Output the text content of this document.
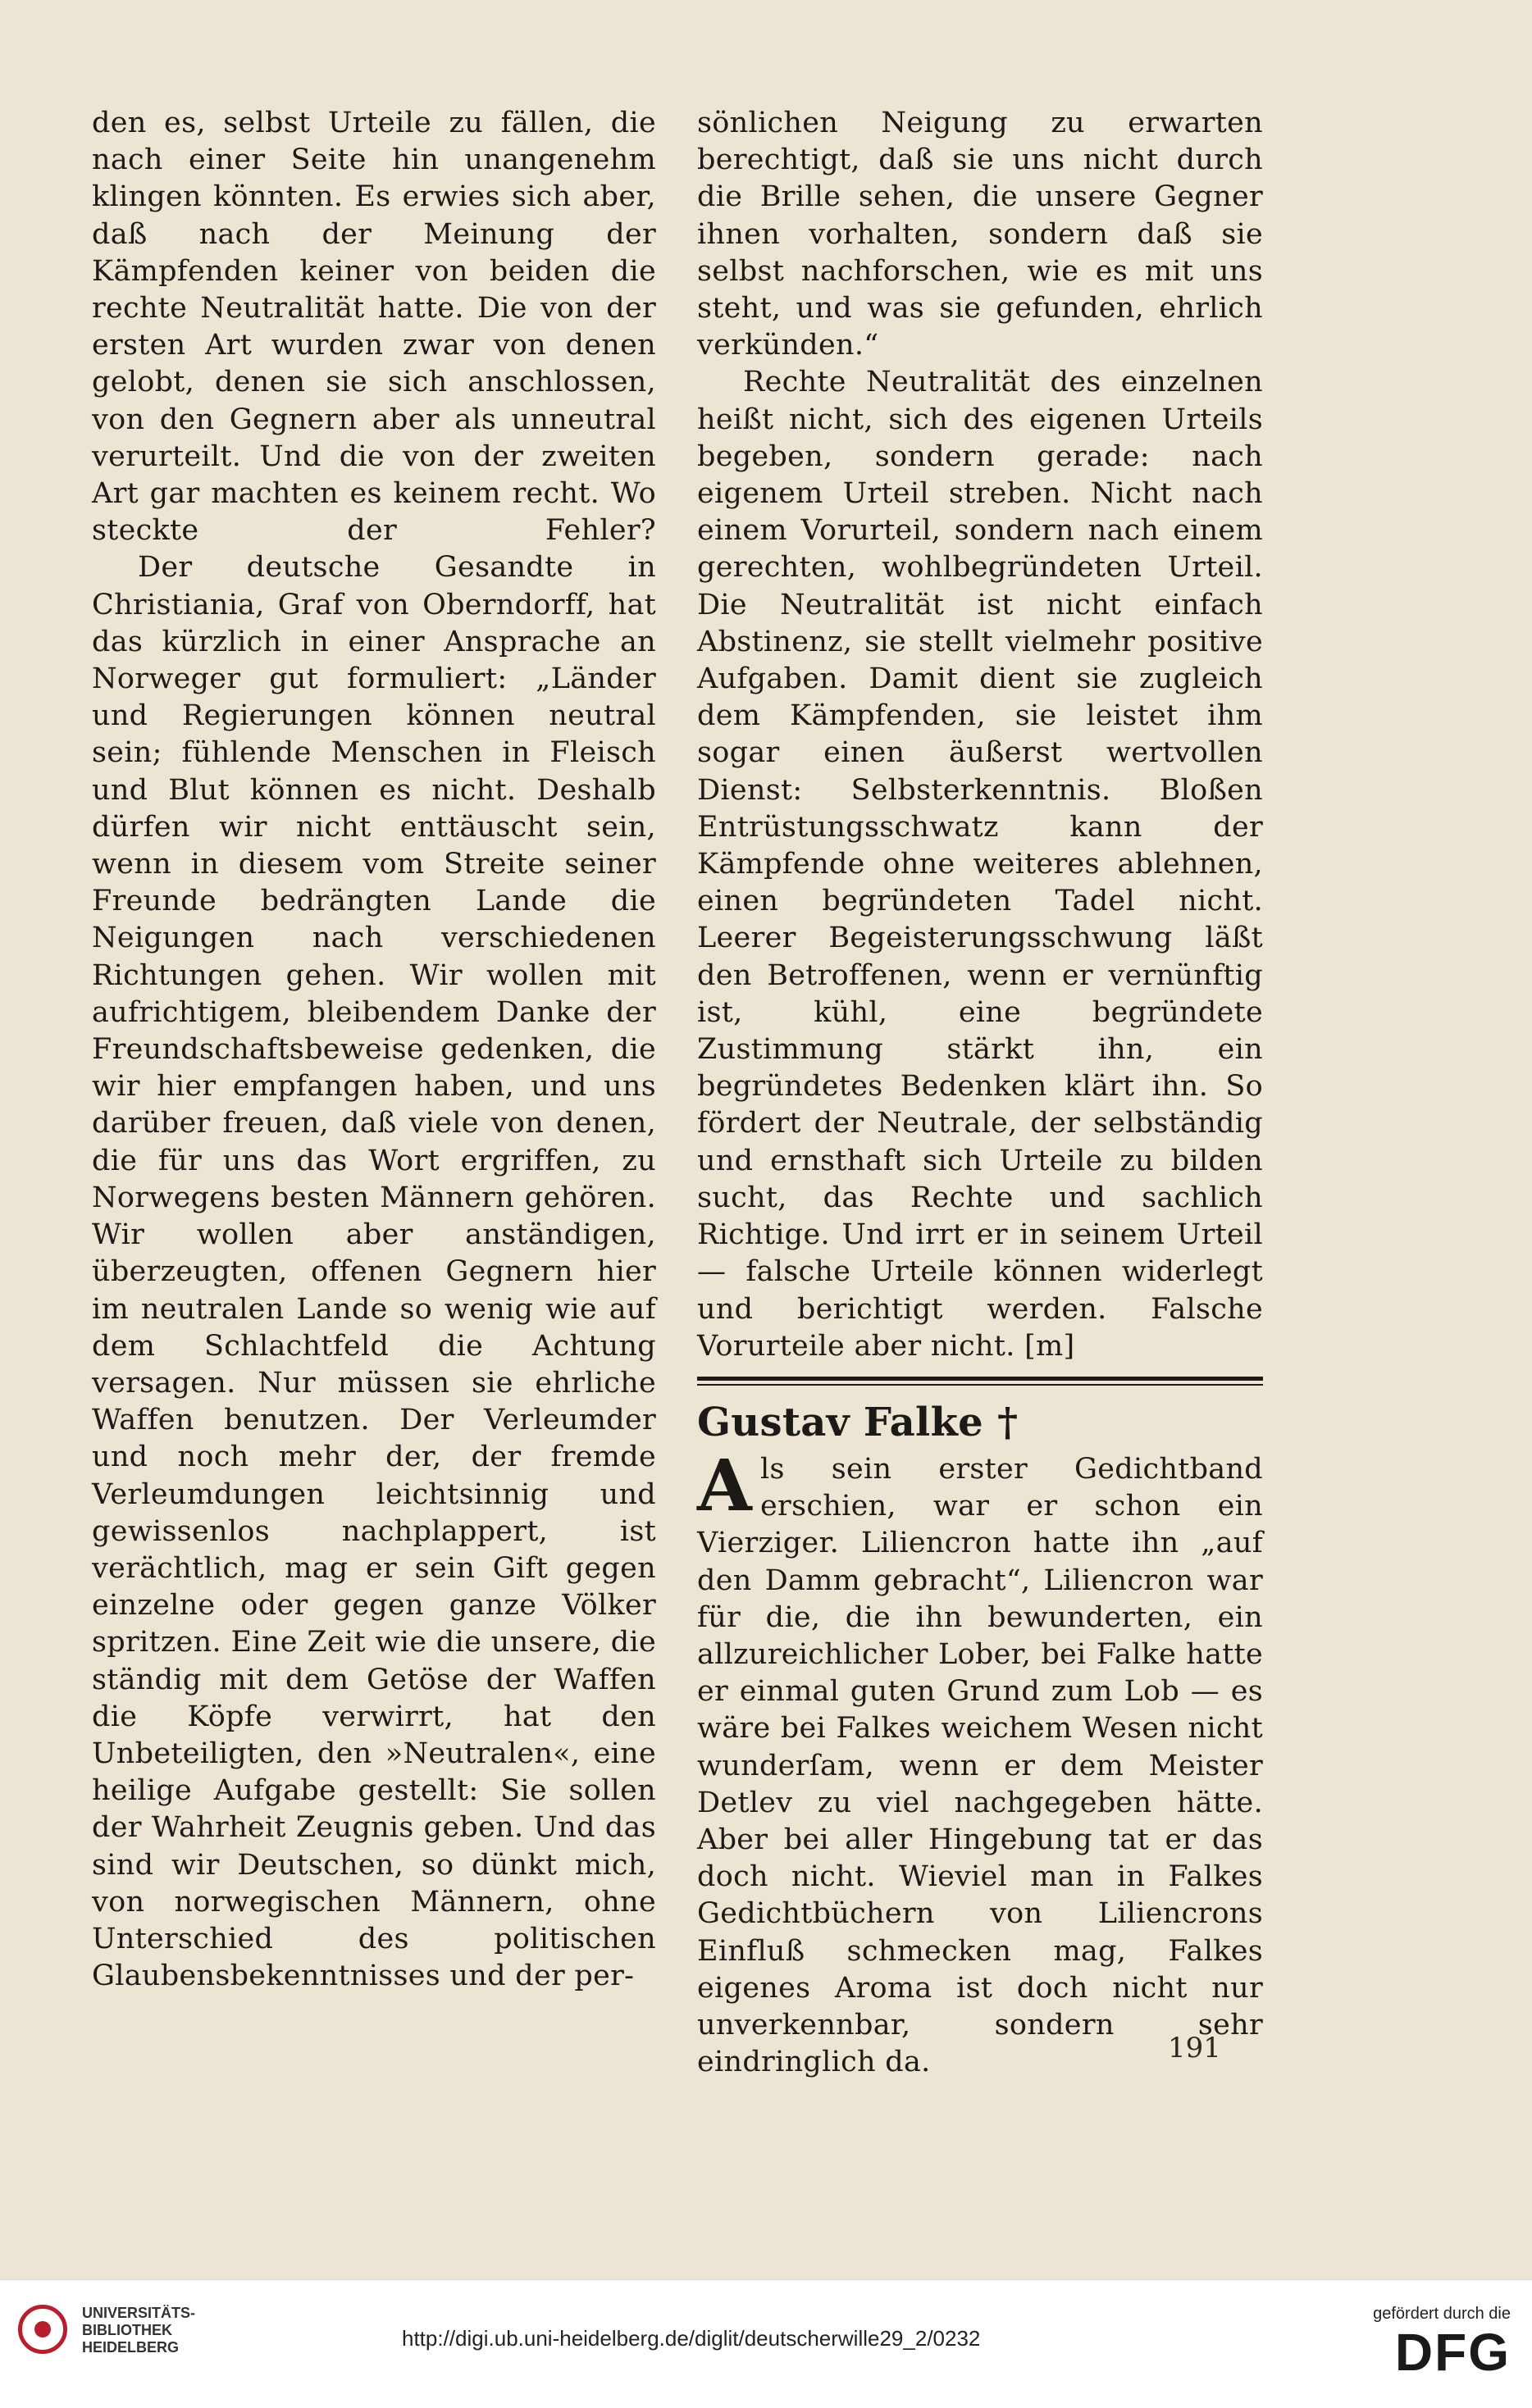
den es, selbst Urteile zu fällen, die nach einer Seite hin unangenehm klingen könnten. Es erwies sich aber, daß nach der Meinung der Kämpfenden keiner von beiden die rechte Neutralität hatte. Die von der ersten Art wurden zwar von denen gelobt, denen sie sich anschlossen, von den Gegnern aber als unneutral verurteilt. Und die von der zweiten Art gar machten es keinem recht. Wo steckte der Fehler?

Der deutsche Gesandte in Christiania, Graf von Oberndorff, hat das kürzlich in einer Ansprache an Norweger gut formuliert: „Länder und Regierungen können neutral sein; fühlende Menschen in Fleisch und Blut können es nicht. Deshalb dürfen wir nicht enttäuscht sein, wenn in diesem vom Streite seiner Freunde bedrängten Lande die Neigungen nach verschiedenen Richtungen gehen. Wir wollen mit aufrichtigem, bleibendem Danke der Freundschaftsbeweise gedenken, die wir hier empfangen haben, und uns darüber freuen, daß viele von denen, die für uns das Wort ergriffen, zu Norwegens besten Männern gehören. Wir wollen aber anständigen, überzeugten, offenen Gegnern hier im neutralen Lande so wenig wie auf dem Schlachtfeld die Achtung versagen. Nur müssen sie ehrliche Waffen benutzen. Der Verleumder und noch mehr der, der fremde Verleumdungen leichtsinnig und gewissenlos nachplappert, ist verächtlich, mag er sein Gift gegen einzelne oder gegen ganze Völker spritzen. Eine Zeit wie die unsere, die ständig mit dem Getöse der Waffen die Köpfe verwirrt, hat den Unbeteiligten, den »Neutralen«, eine heilige Aufgabe gestellt: Sie sollen der Wahrheit Zeugnis geben. Und das sind wir Deutschen, so dünkt mich, von norwegischen Männern, ohne Unterschied des politischen Glaubensbekenntnisses und der per-

sönlichen Neigung zu erwarten berechtigt, daß sie uns nicht durch die Brille sehen, die unsere Gegner ihnen vorhalten, sondern daß sie selbst nachforschen, wie es mit uns steht, und was sie gefunden, ehrlich verkünden.“

Rechte Neutralität des einzelnen heißt nicht, sich des eigenen Urteils begeben, sondern gerade: nach eigenem Urteil streben. Nicht nach einem Vorurteil, sondern nach einem gerechten, wohlbegründeten Urteil. Die Neutralität ist nicht einfach Abstinenz, sie stellt vielmehr positive Aufgaben. Damit dient sie zugleich dem Kämpfenden, sie leistet ihm sogar einen äußerst wertvollen Dienst: Selbsterkenntnis. Bloßen Entrüstungsschwatz kann der Kämpfende ohne weiteres ablehnen, einen begründeten Tadel nicht. Leerer Begeisterungsschwung läßt den Betroffenen, wenn er vernünftig ist, kühl, eine begründete Zustimmung stärkt ihn, ein begründetes Bedenken klärt ihn. So fördert der Neutrale, der selbständig und ernsthaft sich Urteile zu bilden sucht, das Rechte und sachlich Richtige. Und irrt er in seinem Urteil — falsche Urteile können widerlegt und berichtigt werden. Falsche Vorurteile aber nicht. [m]

Gustav Falke †

Als sein erster Gedichtband erschien, war er schon ein Vierziger. Liliencron hatte ihn „auf den Damm gebracht“, Liliencron war für die, die ihn bewunderten, ein allzureichlicher Lober, bei Falke hatte er einmal guten Grund zum Lob — es wäre bei Falkes weichem Wesen nicht wunderſam, wenn er dem Meister Detlev zu viel nachgegeben hätte. Aber bei aller Hingebung tat er das doch nicht. Wieviel man in Falkes Gedichtbüchern von Liliencrons Einfluß schmecken mag, Falkes eigenes Aroma ist doch nicht nur unverkennbar, sondern sehr eindringlich da.	191
UNIVERSITÄTS-
BIBLIOTHEK
HEIDELBERG	http://digi.ub.uni-heidelberg.de/diglit/deutscherwille29_2/0232
gefördert durch die
DFG
